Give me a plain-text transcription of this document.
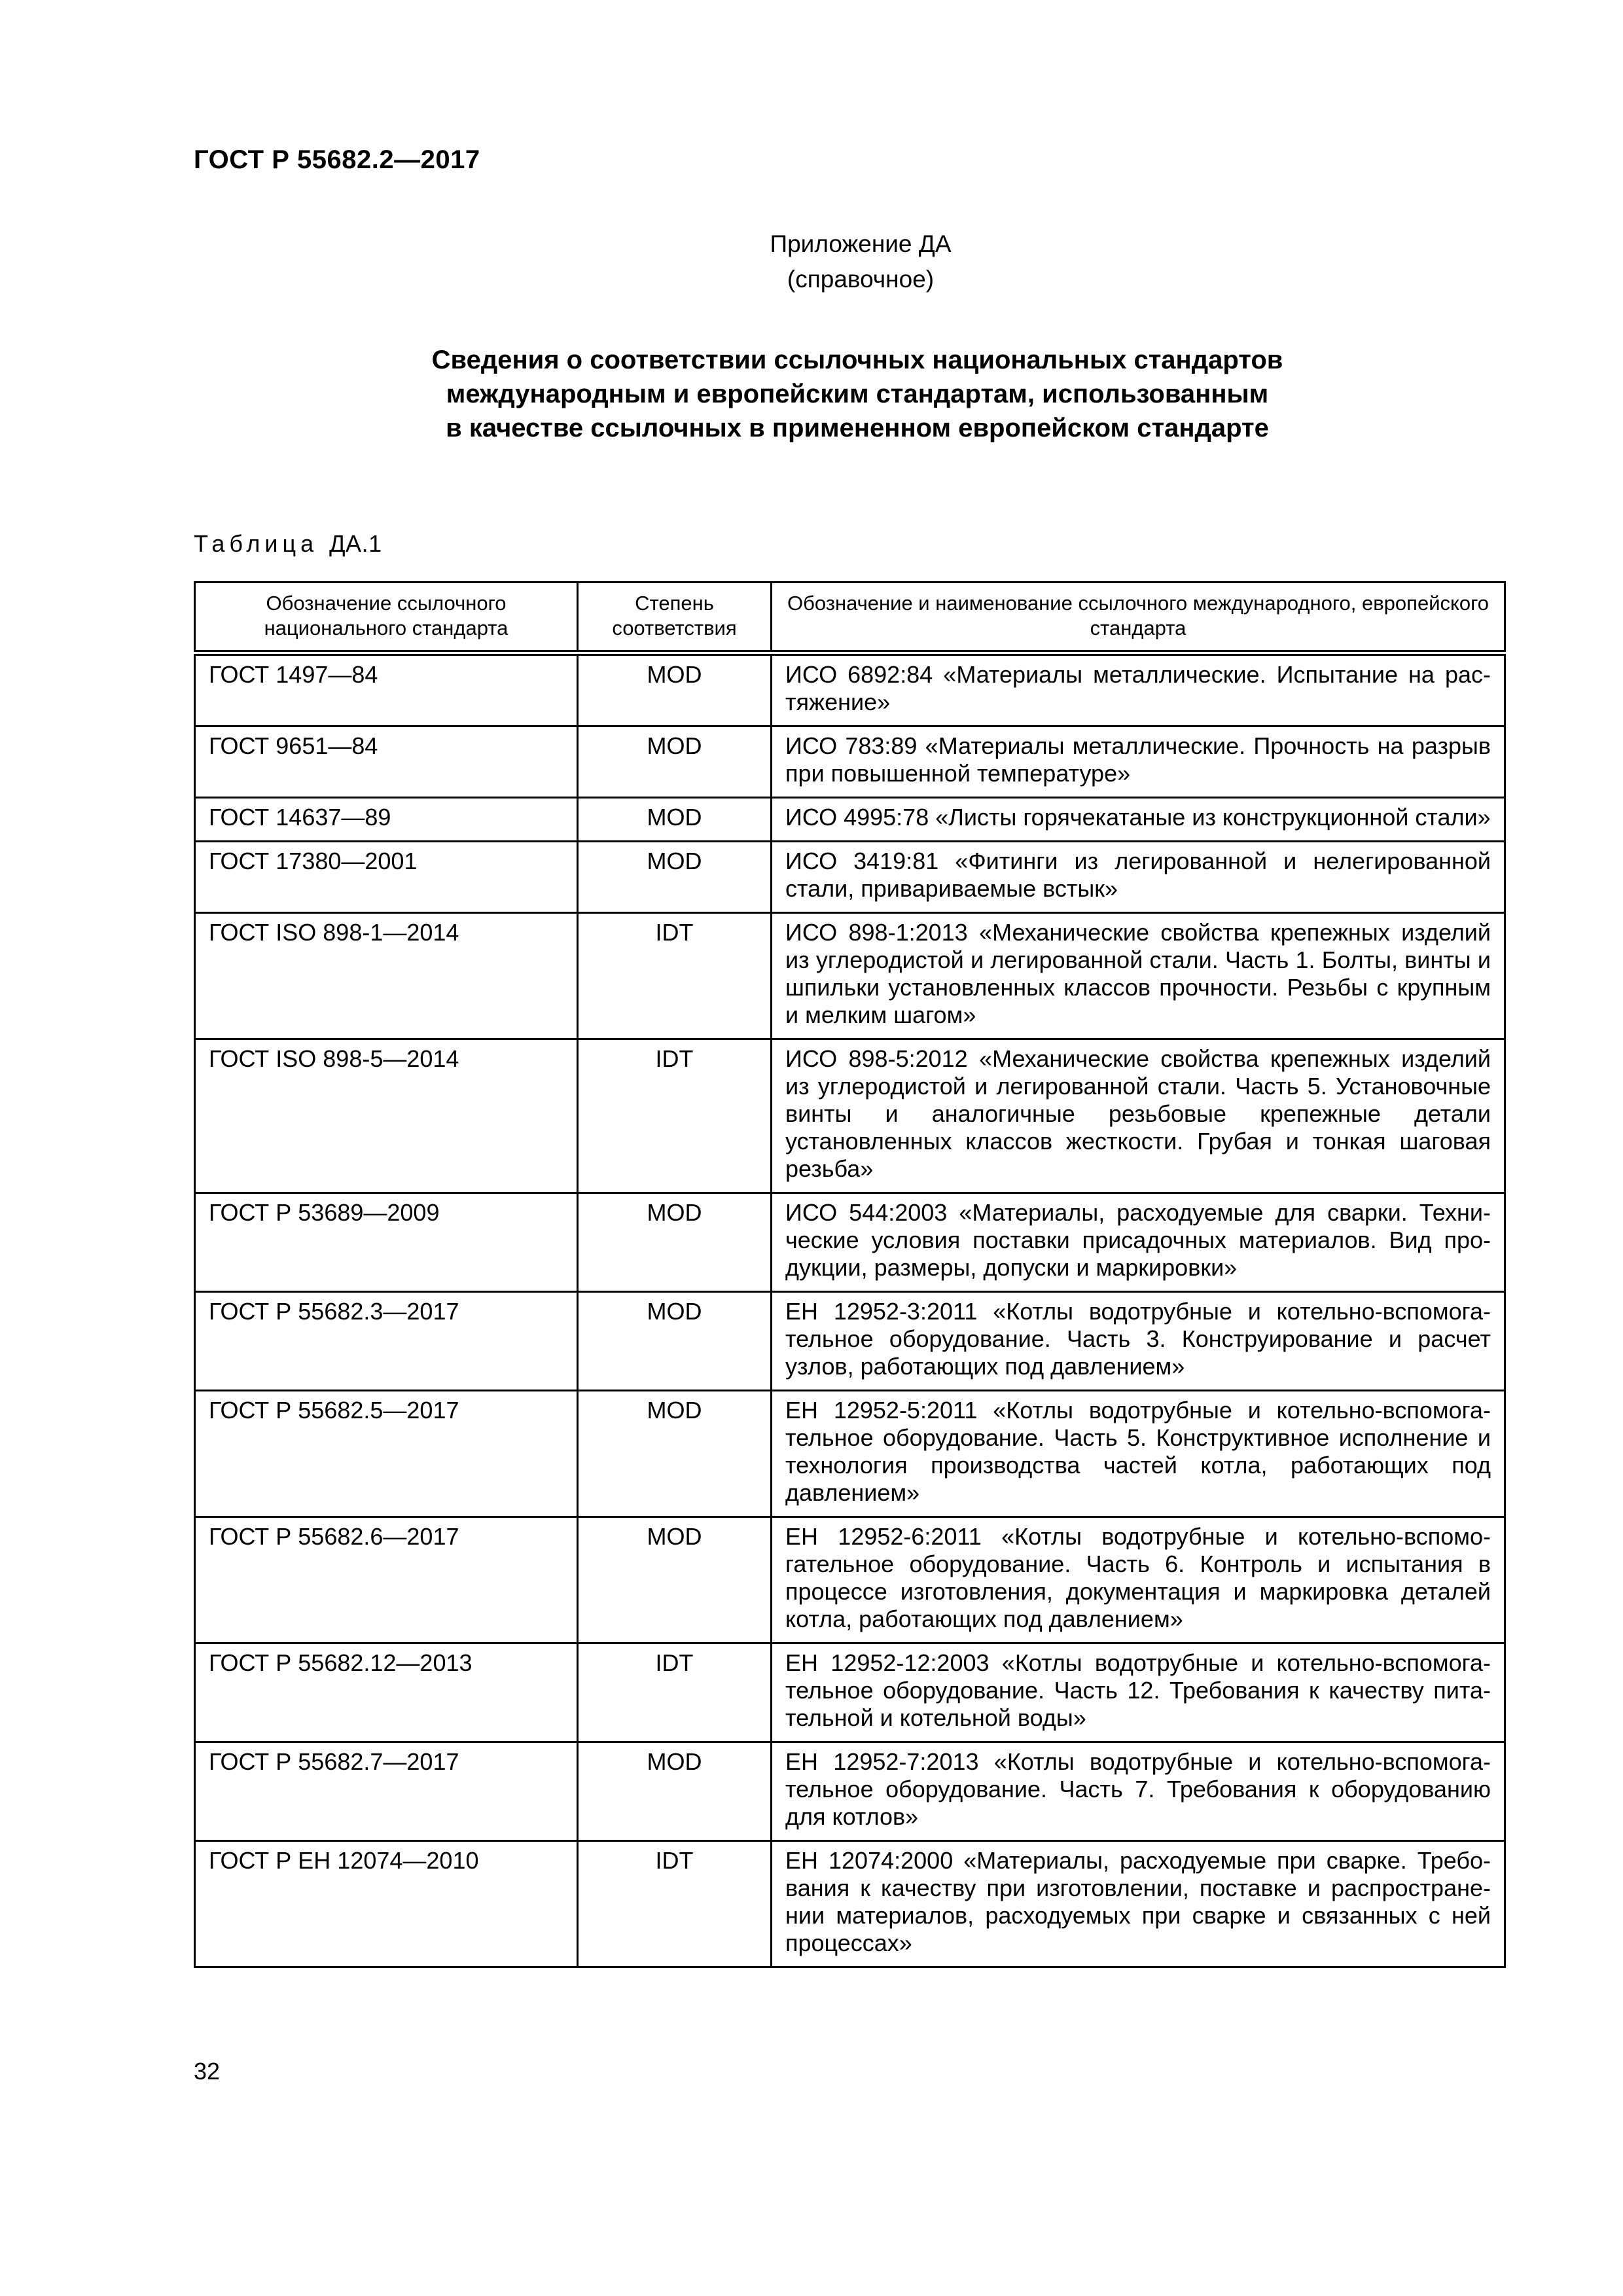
ГОСТ Р 55682.2—2017
Приложение ДА
(справочное)
Сведения о соответствии ссылочных национальных стандартов
международным и европейским стандартам, использованным
в качестве ссылочных в примененном европейском стандарте
Таблица ДА.1
Обозначение ссылочного национального стандарта	Степень соответствия	Обозначение и наименование ссылочного международного, европейского стандарта
ГОСТ 1497—84	MOD	ИСО 6892:84 «Материалы металлические. Испытание на растяжение»
ГОСТ 9651—84	MOD	ИСО 783:89 «Материалы металлические. Прочность на разрыв при повышенной температуре»
ГОСТ 14637—89	MOD	ИСО 4995:78 «Листы горячекатаные из конструкционной стали»
ГОСТ 17380—2001	MOD	ИСО 3419:81 «Фитинги из легированной и нелегированной стали, привариваемые встык»
ГОСТ ISO 898-1—2014	IDT	ИСО 898-1:2013 «Механические свойства крепежных изделий из углеродистой и легированной стали. Часть 1. Болты, винты и шпильки установленных классов прочности. Резьбы с крупным и мелким шагом»
ГОСТ ISO 898-5—2014	IDT	ИСО 898-5:2012 «Механические свойства крепежных изделий из углеродистой и легированной стали. Часть 5. Установочные винты и аналогичные резьбовые крепежные детали установленных классов жесткости. Грубая и тонкая шаговая резьба»
ГОСТ Р 53689—2009	MOD	ИСО 544:2003 «Материалы, расходуемые для сварки. Технические условия поставки присадочных материалов. Вид продукции, размеры, допуски и маркировки»
ГОСТ Р 55682.3—2017	MOD	ЕН 12952-3:2011 «Котлы водотрубные и котельно-вспомогательное оборудование. Часть 3. Конструирование и расчет узлов, работающих под давлением»
ГОСТ Р 55682.5—2017	MOD	ЕН 12952-5:2011 «Котлы водотрубные и котельно-вспомогательное оборудование. Часть 5. Конструктивное исполнение и технология производства частей котла, работающих под давлением»
ГОСТ Р 55682.6—2017	MOD	ЕН 12952-6:2011 «Котлы водотрубные и котельно-вспомогательное оборудование. Часть 6. Контроль и испытания в процессе изготовления, документация и маркировка деталей котла, работающих под давлением»
ГОСТ Р 55682.12—2013	IDT	ЕН 12952-12:2003 «Котлы водотрубные и котельно-вспомогательное оборудование. Часть 12. Требования к качеству питательной и котельной воды»
ГОСТ Р 55682.7—2017	MOD	ЕН 12952-7:2013 «Котлы водотрубные и котельно-вспомогательное оборудование. Часть 7. Требования к оборудованию для котлов»
ГОСТ Р ЕН 12074—2010	IDT	ЕН 12074:2000 «Материалы, расходуемые при сварке. Требования к качеству при изготовлении, поставке и распространении материалов, расходуемых при сварке и связанных с ней процессах»
32
